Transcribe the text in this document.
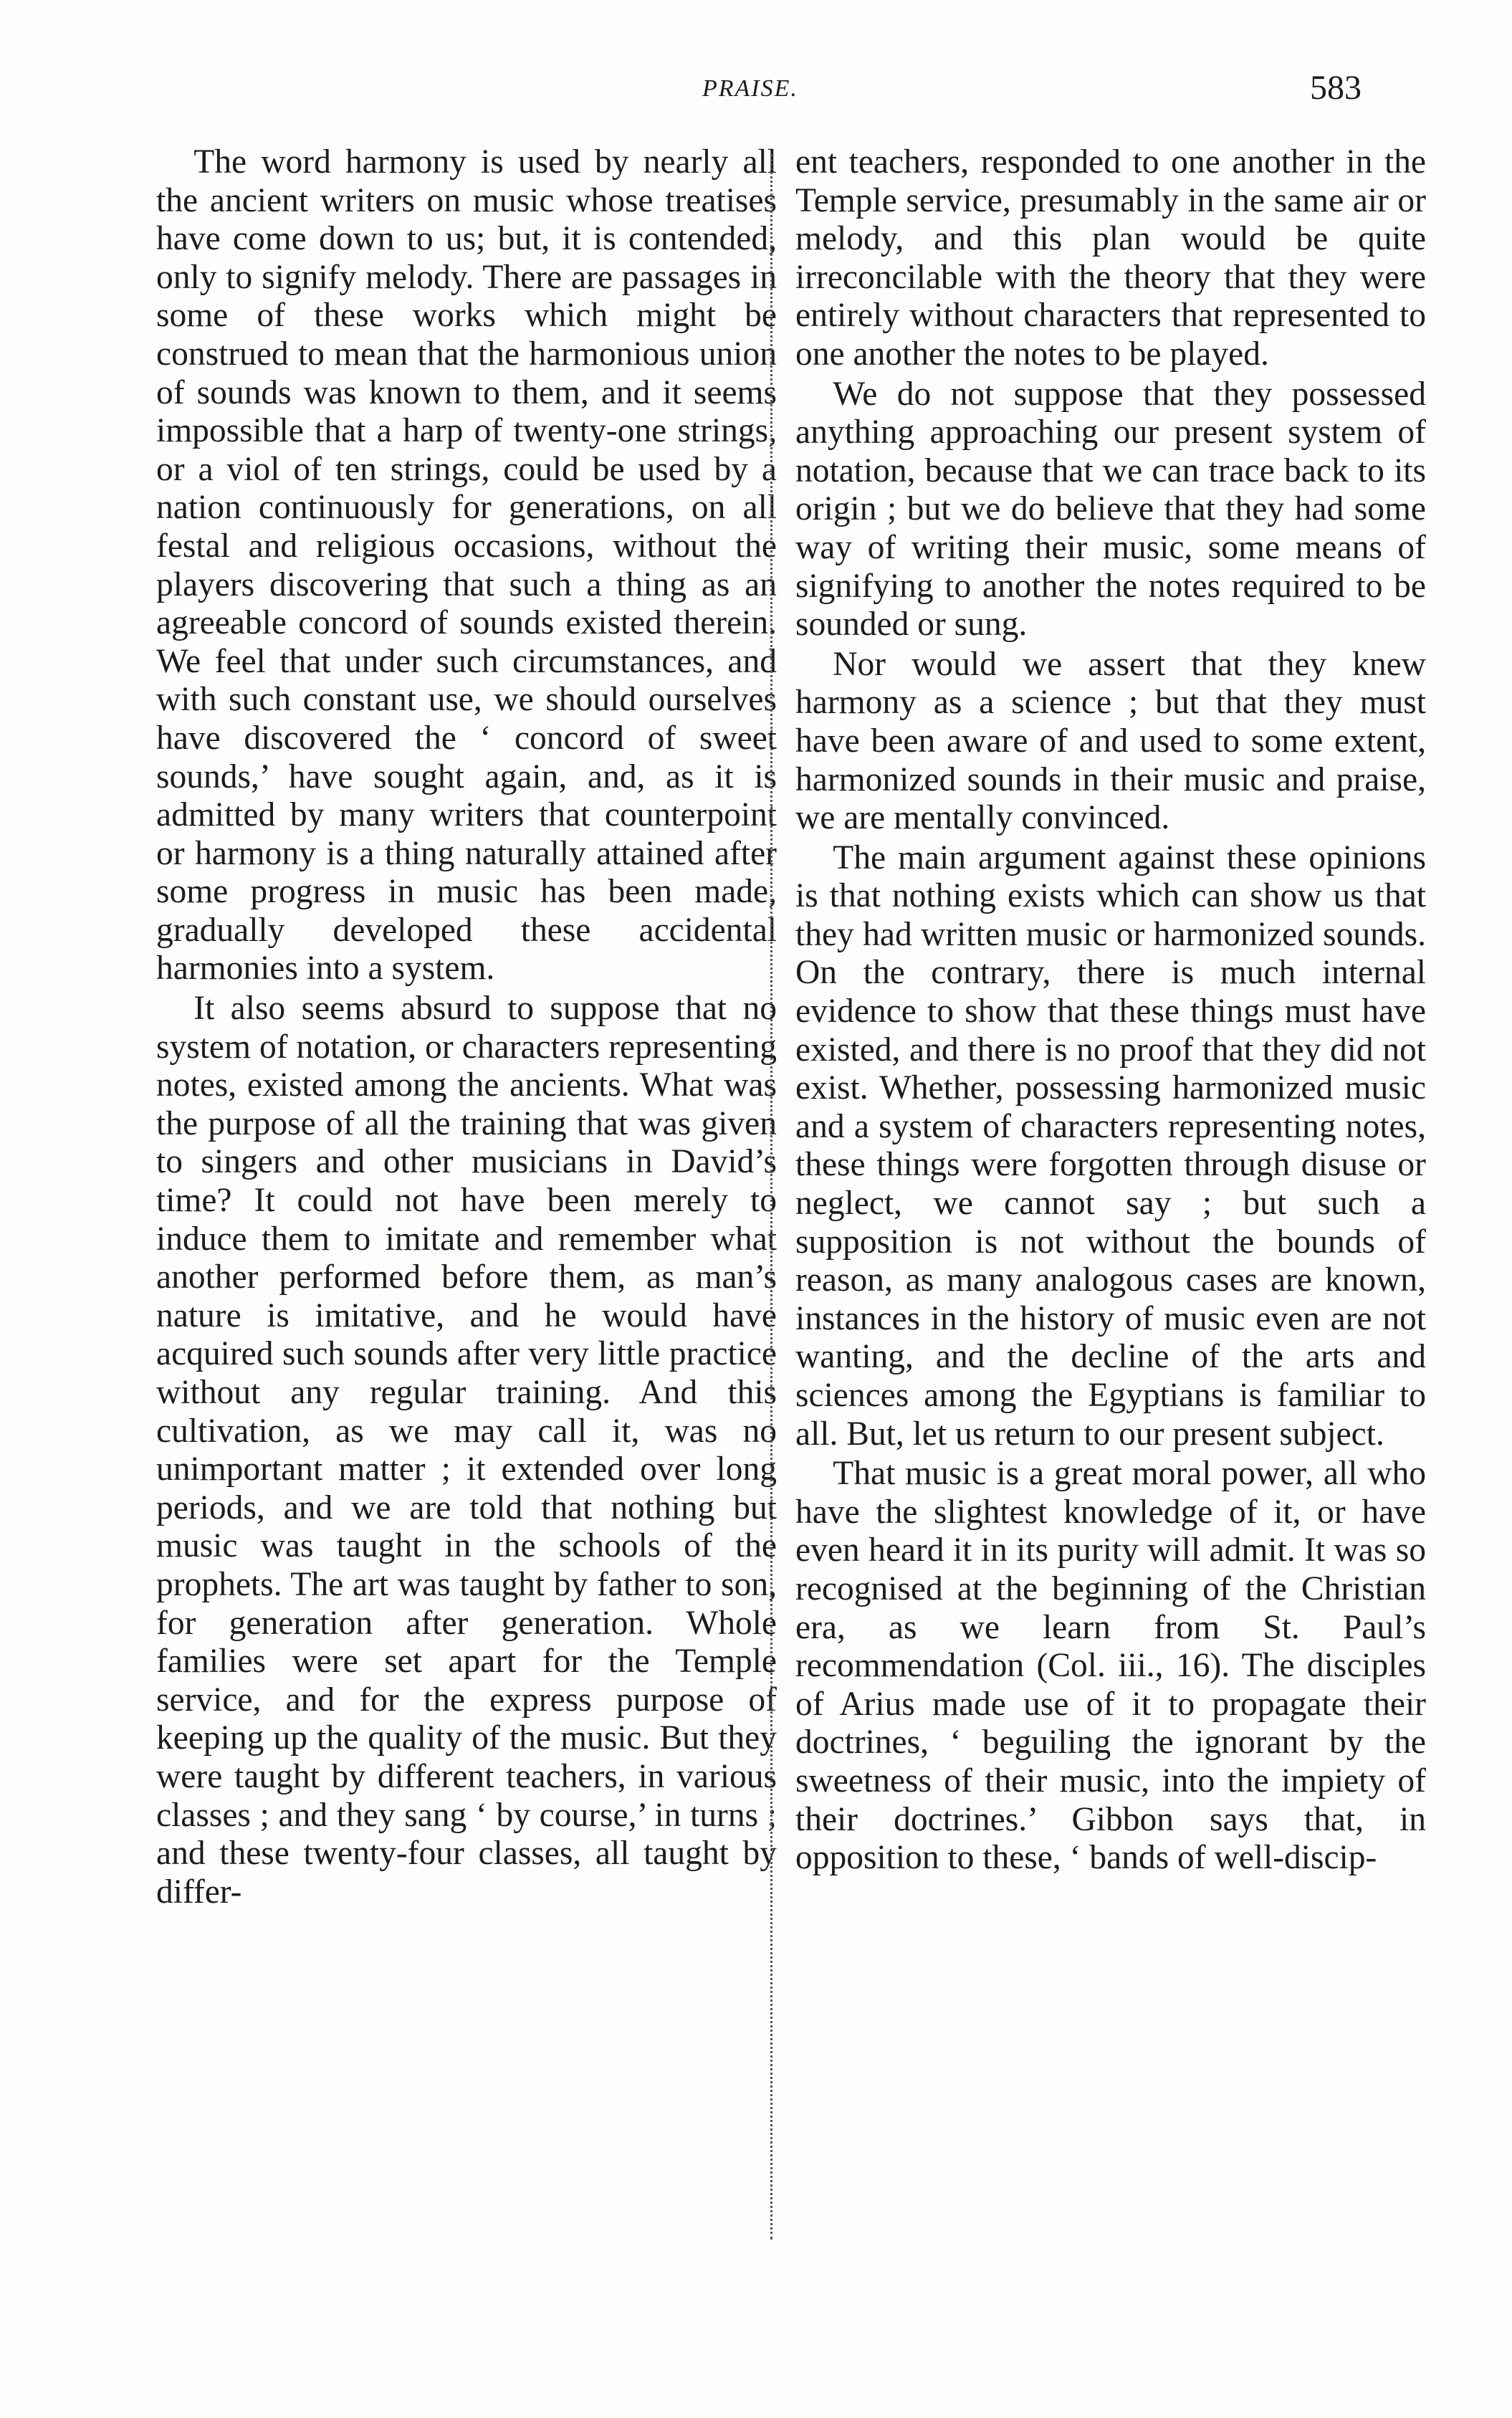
PRAISE.	583

The word harmony is used by nearly all the ancient writers on music whose treatises have come down to us; but, it is contended, only to signify melody. There are passages in some of these works which might be construed to mean that the harmonious union of sounds was known to them, and it seems impossible that a harp of twenty-one strings, or a viol of ten strings, could be used by a nation continuously for generations, on all festal and religious occasions, without the players discovering that such a thing as an agreeable concord of sounds existed therein. We feel that under such circumstances, and with such constant use, we should ourselves have discovered the ‘ concord of sweet sounds,’ have sought again, and, as it is admitted by many writers that counterpoint or harmony is a thing naturally attained after some progress in music has been made, gradually developed these accidental harmonies into a system.

It also seems absurd to suppose that no system of notation, or characters representing notes, existed among the ancients. What was the purpose of all the training that was given to singers and other musicians in David’s time? It could not have been merely to induce them to imitate and remember what another performed before them, as man’s nature is imitative, and he would have acquired such sounds after very little practice without any regular training. And this cultivation, as we may call it, was no unimportant matter ; it extended over long periods, and we are told that nothing but music was taught in the schools of the prophets. The art was taught by father to son, for generation after generation. Whole families were set apart for the Temple service, and for the express purpose of keeping up the quality of the music. But they were taught by different teachers, in various classes ; and they sang ‘ by course,’ in turns ; and these twenty-four classes, all taught by differ-

ent teachers, responded to one another in the Temple service, presumably in the same air or melody, and this plan would be quite irreconcilable with the theory that they were entirely without characters that represented to one another the notes to be played.

We do not suppose that they possessed anything approaching our present system of notation, because that we can trace back to its origin ; but we do believe that they had some way of writing their music, some means of signifying to another the notes required to be sounded or sung.

Nor would we assert that they knew harmony as a science ; but that they must have been aware of and used to some extent, harmonized sounds in their music and praise, we are mentally convinced.

The main argument against these opinions is that nothing exists which can show us that they had written music or harmonized sounds. On the contrary, there is much internal evidence to show that these things must have existed, and there is no proof that they did not exist. Whether, possessing harmonized music and a system of characters representing notes, these things were forgotten through disuse or neglect, we cannot say ; but such a supposition is not without the bounds of reason, as many analogous cases are known, instances in the history of music even are not wanting, and the decline of the arts and sciences among the Egyptians is familiar to all. But, let us return to our present subject.

That music is a great moral power, all who have the slightest knowledge of it, or have even heard it in its purity will admit. It was so recognised at the beginning of the Christian era, as we learn from St. Paul’s recommendation (Col. iii., 16). The disciples of Arius made use of it to propagate their doctrines, ‘ beguiling the ignorant by the sweetness of their music, into the impiety of their doctrines.’ Gibbon says that, in opposition to these, ‘ bands of well-discip-
